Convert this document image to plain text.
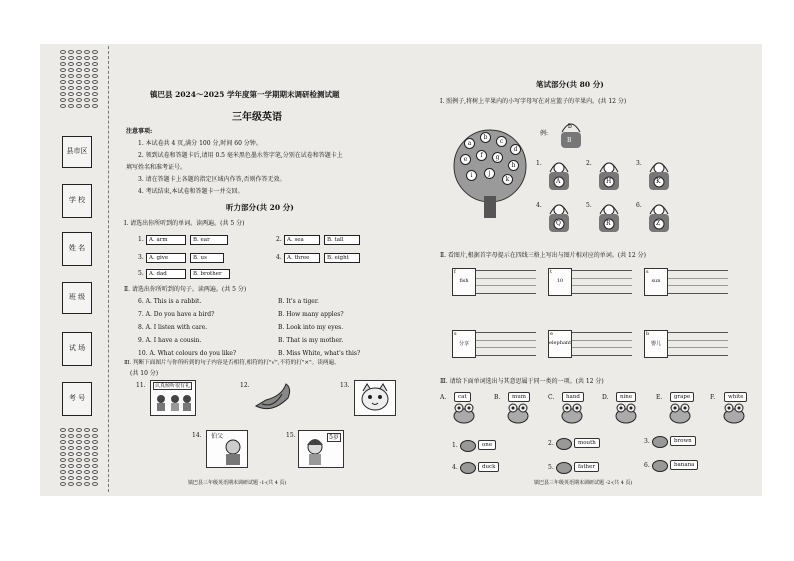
县市区
学 校
姓 名
班 级
试 场
考 号
镇巴县 2024～2025 学年度第一学期期末调研检测试题
三年级英语
注意事项:
1. 本试卷共 4 页,满分 100 分,时间 60 分钟。
2. 领到试卷和答题卡后,请用 0.5 毫米黑色墨水签字笔,分别在试卷和答题卡上
填写姓名和准考证号。
3. 请在答题卡上各题的指定区域内作答,否则作答无效。
4. 考试结束,本试卷和答题卡一并交回。
听力部分(共 20 分)
Ⅰ. 请选出你所听到的单词。读两遍。(共 5 分)
1. A. arm	B. ear	2. A. sea	B. tall
3. A. give	B. us	4. A. three	B. eight
5. A. dad	B. brother
Ⅱ. 请选出你所听到的句子。读两遍。(共 5 分)
6. A. This is a rabbit.	B. It's a tiger.
7. A. Do you have a bird?	B. How many apples?
8. A. I listen with care.	B. Look into my eyes.
9. A. I have a cousin.	B. That is my mother.
10. A. What colours do you like?	B. Miss White, what's this?
Ⅲ. 判断下面图片与你所听到的句子内容是否相符,相符的打"√",不符的打"×"。读两遍。
(共 10 分)
11.	认真倾听很有礼	12.	13.
14. 伯父	15.	5岁
镇巴县三年级英语期末调研试题 -1-(共 4 页)
笔试部分(共 80 分)
Ⅰ. 照例子,将树上苹果内的小写字母写在对应篮子的苹果内。(共 12 分)
a
b
c
d
e
f	g
h
i	j
k
例:
b
B
1.
A
2.
H
3.
K
4.
Q
5.
R
6.
Z
Ⅱ. 看图片,根据首字母提示在四线三格上写出与图片相对应的单词。(共 12 分)
fish
f
10
t
sun
s
分享
s
elephant
e
婴儿
b
Ⅲ. 请给下面单词选出与其意思属于同一类的一项。(共 12 分)
A.	cat	B.	mum	C.	hand	D.	nine	E.	grape	F.	white
1.	one	2.	mouth	3.	brown
4.	duck	5.	father	6.	banana
镇巴县三年级英语期末调研试题 -2-(共 4 页)
